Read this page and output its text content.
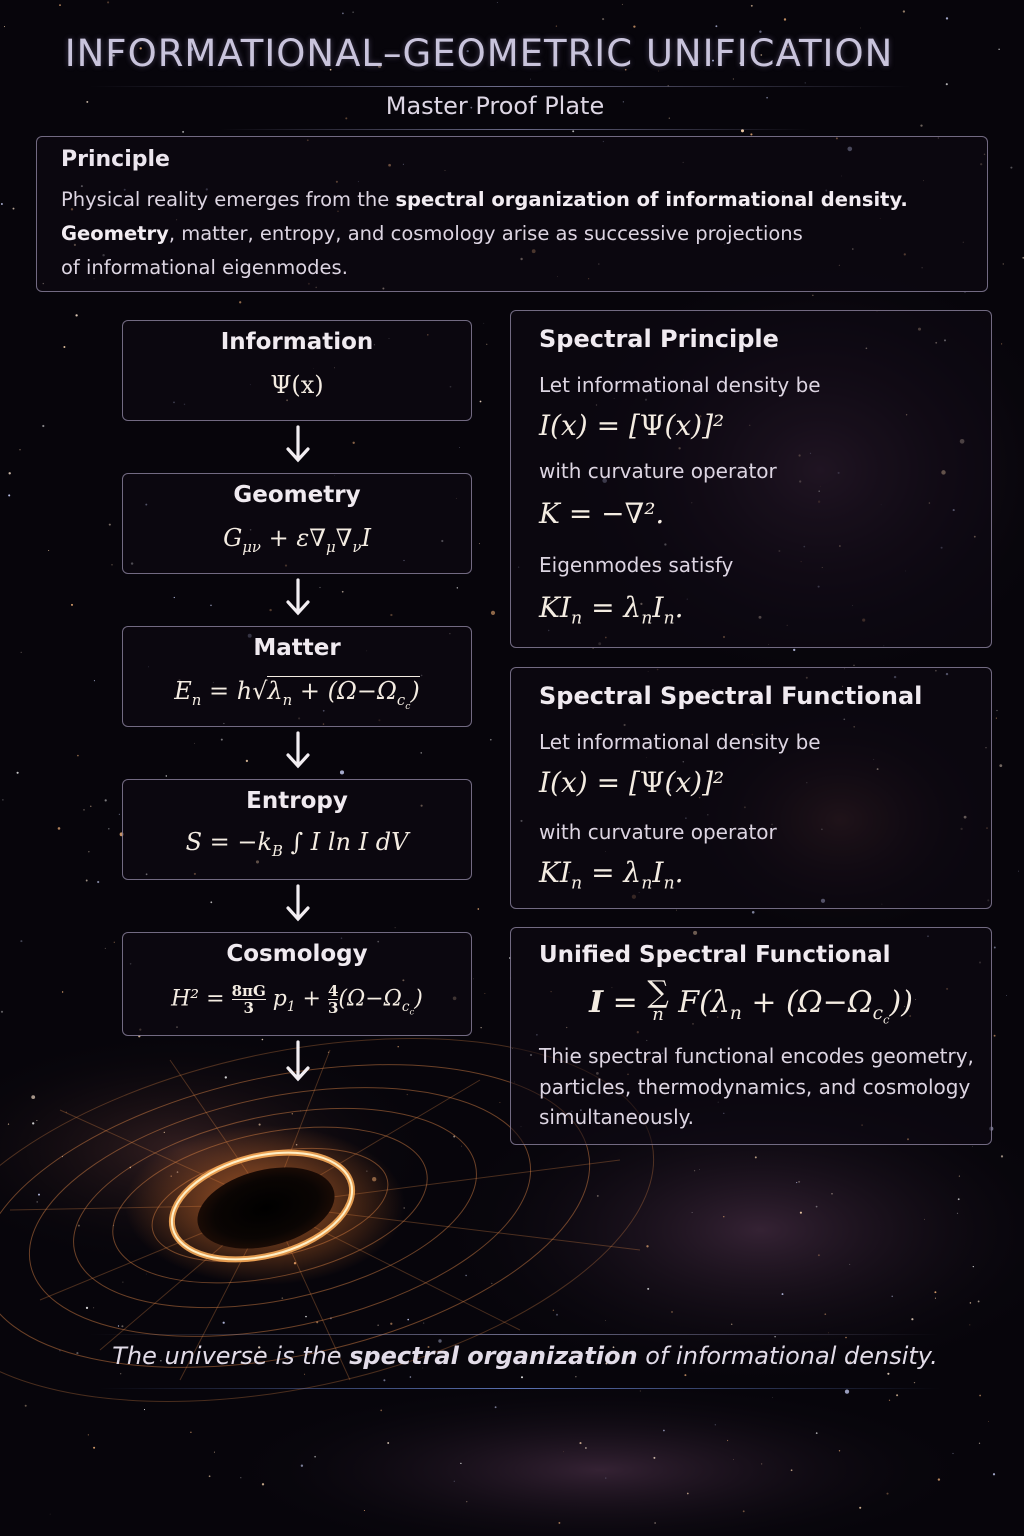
INFORMATIONAL–GEOMETRIC UNIFICATION
Master Proof Plate
Principle
Physical reality emerges from the spectral organization of informational density.
Geometry, matter, entropy, and cosmology arise as successive projections
of informational eigenmodes.
Information
Ψ(x)
Geometry
$G_{\mu\nu} + \varepsilon\nabla_\mu\nabla_\nu I$
Matter
$E_n = h√\lambda_n + (\Omega-\Omega_{c_c})$
Entropy
$S = -k_B$ ∫ I ln I dV
Cosmology
$H^2 = \frac{8\pi G}{3} p_1 + \frac{4}{3} (\Omega-\Omega_{c_c})$
Spectral Principle
Let informational density be
I(x) = [Ψ(x)]²
with curvature operator
K = −∇².
Eigenmodes satisfy
$KI_n = \lambda_nI_n$.
Spectral Spectral Functional
Let informational density be
I(x) = [Ψ(x)]²
with curvature operator
$KI_n = \lambda_nI_n$.
Unified Spectral Functional
I = ∑
n $F(\lambda_n + (\Omega-\Omega_{c_c}))$
Thie spectral functional encodes geometry,
particles, thermodynamics, and cosmology
simultaneously.
The universe is the spectral organization of informational density.
